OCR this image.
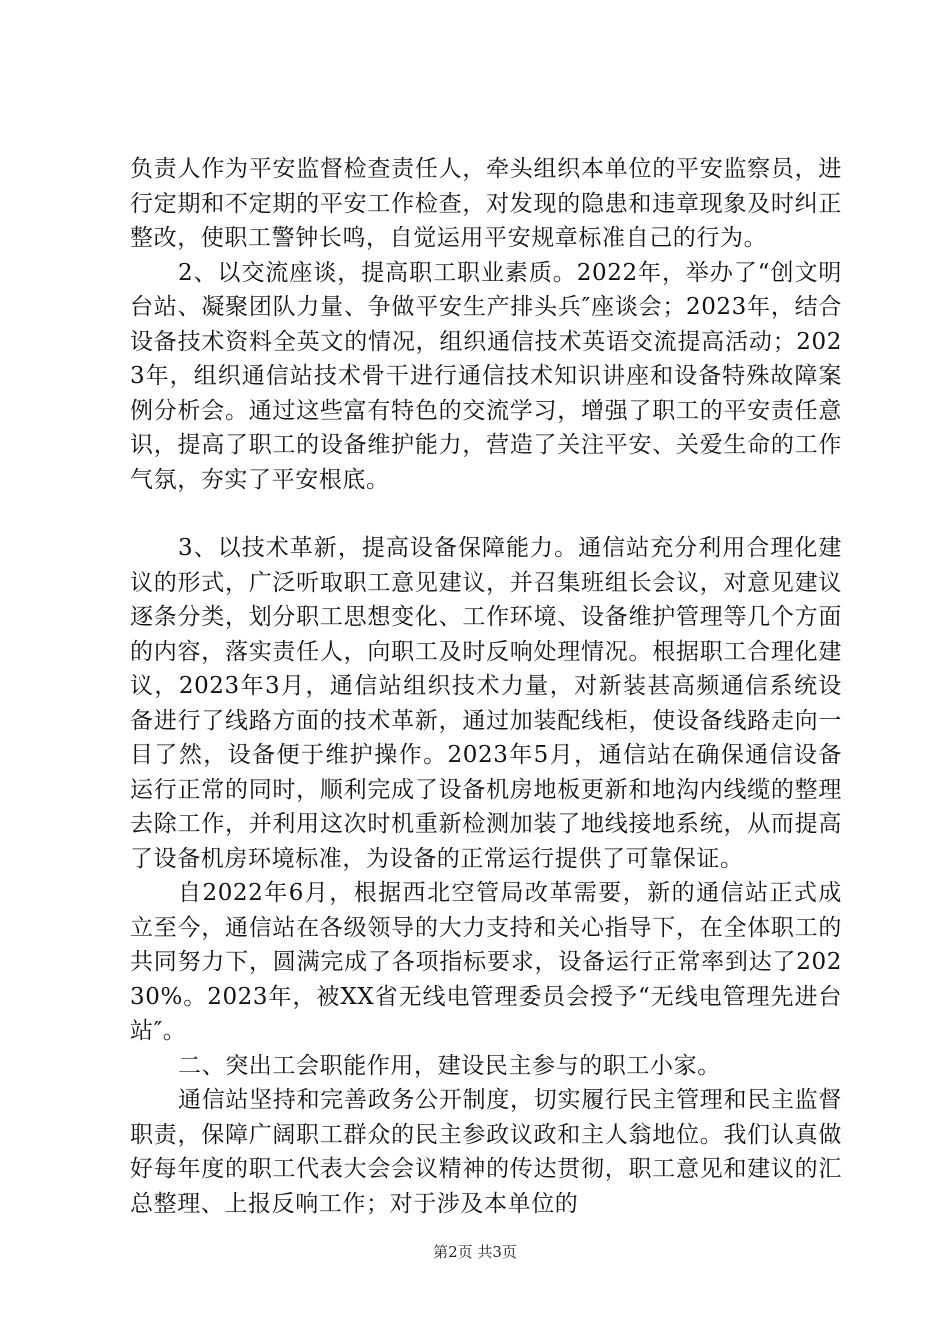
负责人作为平安监督检查责任人，牵头组织本单位的平安监察员，进行定期和不定期的平安工作检查，对发现的隐患和违章现象及时纠正整改，使职工警钟长鸣，自觉运用平安规章标准自己的行为。

2、以交流座谈，提高职工职业素质。2022年，举办了“创文明台站、凝聚团队力量、争做平安生产排头兵″座谈会；2023年，结合设备技术资料全英文的情况，组织通信技术英语交流提高活动；2023年，组织通信站技术骨干进行通信技术知识讲座和设备特殊故障案例分析会。通过这些富有特色的交流学习，增强了职工的平安责任意识，提高了职工的设备维护能力，营造了关注平安、关爱生命的工作气氛，夯实了平安根底。

3、以技术革新，提高设备保障能力。通信站充分利用合理化建议的形式，广泛听取职工意见建议，并召集班组长会议，对意见建议逐条分类，划分职工思想变化、工作环境、设备维护管理等几个方面的内容，落实责任人，向职工及时反响处理情况。根据职工合理化建议，2023年3月，通信站组织技术力量，对新装甚高频通信系统设备进行了线路方面的技术革新，通过加装配线柜，使设备线路走向一目了然，设备便于维护操作。2023年5月，通信站在确保通信设备运行正常的同时，顺利完成了设备机房地板更新和地沟内线缆的整理去除工作，并利用这次时机重新检测加装了地线接地系统，从而提高了设备机房环境标准，为设备的正常运行提供了可靠保证。

自2022年6月，根据西北空管局改革需要，新的通信站正式成立至今，通信站在各级领导的大力支持和关心指导下，在全体职工的共同努力下，圆满完成了各项指标要求，设备运行正常率到达了20230%。2023年，被XX省无线电管理委员会授予“无线电管理先进台站″。

二、突出工会职能作用，建设民主参与的职工小家。

通信站坚持和完善政务公开制度，切实履行民主管理和民主监督职责，保障广阔职工群众的民主参政议政和主人翁地位。我们认真做好每年度的职工代表大会会议精神的传达贯彻，职工意见和建议的汇总整理、上报反响工作；对于涉及本单位的

第2页 共3页
